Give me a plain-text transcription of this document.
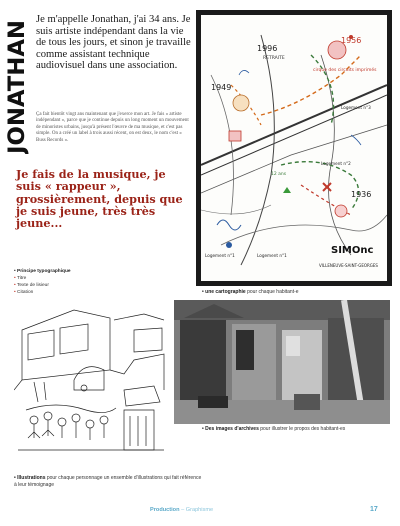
JONATHAN
Je m'appelle Jonathan, j'ai 34 ans. Je suis artiste indépendant dans la vie de tous les jours, et sinon je travaille comme assistant technique audiovisuel dans une association.
Ça fait bientôt vingt ans maintenant que j'exerce mon art. Je fais « artiste indépendant », parce que je continue depuis un long moment un mouvement de minoristes urbains, jusqu'à présent l'œuvre de ma musique, et c'est pas simple. On a créé un label à trois aussi récent, on est deux, le nom c'est « Buss Records ».
Je fais de la musique, je suis « rappeur », grossièrement, depuis que je suis jeune, très très jeune...
• Principe typographique
• Titre
• Texte de lisieur
• Citation
1996
1956
1949
1936
RETRAITE
cirque des circuits imprimés
Logement n°3
Logement n°2
12 ans
Logement n°1	Logement n°1	SIMOnc
VILLENEUVE-SAINT-GEORGES
• une cartographie pour chaque habitant-e
• Des images d'archives pour illustrer le propos des habitant-es
• Illustrations pour chaque personnage un ensemble d'illustrations qui fait référence à leur témoignage
Production – Graphisme	17
